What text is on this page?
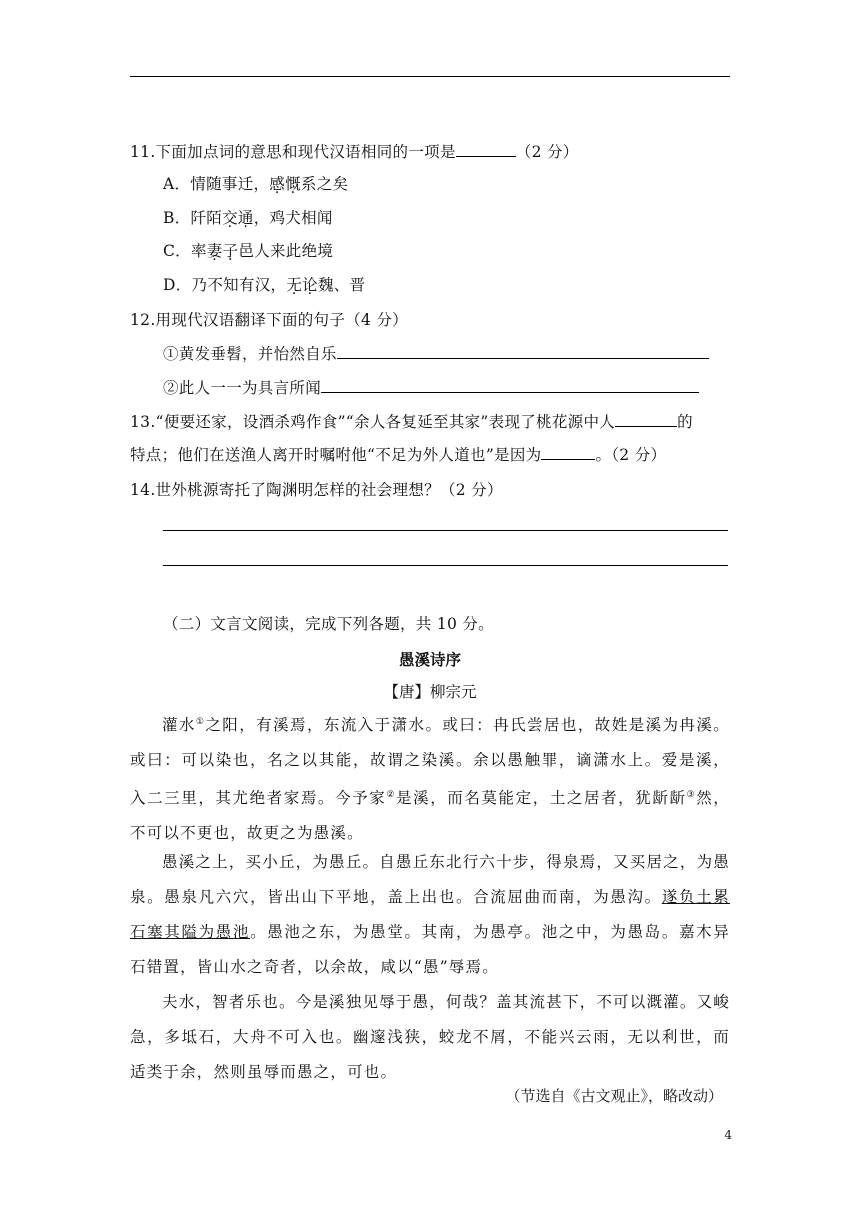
11.下面加点词的意思和现代汉语相同的一项是	（2 分）
A．情随事迁，感慨系之矣
B．阡陌交通，鸡犬相闻
C．率妻子邑人来此绝境
D．乃不知有汉，无论魏、晋
12.用现代汉语翻译下面的句子（4 分）
①黄发垂髫，并怡然自乐
②此人一一为具言所闻
13.“便要还家，设酒杀鸡作食”“余人各复延至其家”表现了桃花源中人	的
特点；他们在送渔人离开时嘱咐他“不足为外人道也”是因为	。（2 分）
14.世外桃源寄托了陶渊明怎样的社会理想？（2 分）
（二）文言文阅读，完成下列各题，共 10 分。
愚溪诗序
【唐】柳宗元
灌水①之阳，有溪焉，东流入于潇水。或曰：冉氏尝居也，故姓是溪为冉溪。或曰：可以染也，名之以其能，故谓之染溪。余以愚触罪，谪潇水上。爱是溪，入二三里，其尤绝者家焉。今予家②是溪，而名莫能定，土之居者，犹龂龂③然，不可以不更也，故更之为愚溪。
愚溪之上，买小丘，为愚丘。自愚丘东北行六十步，得泉焉，又买居之，为愚泉。愚泉凡六穴，皆出山下平地，盖上出也。合流屈曲而南，为愚沟。遂负土累石塞其隘为愚池。愚池之东，为愚堂。其南，为愚亭。池之中，为愚岛。嘉木异石错置，皆山水之奇者，以余故，咸以“愚”辱焉。
夫水，智者乐也。今是溪独见辱于愚，何哉？盖其流甚下，不可以溉灌。又峻急，多坻石，大舟不可入也。幽邃浅狭，蛟龙不屑，不能兴云雨，无以利世，而适类于余，然则虽辱而愚之，可也。
（节选自《古文观止》，略改动）
4
